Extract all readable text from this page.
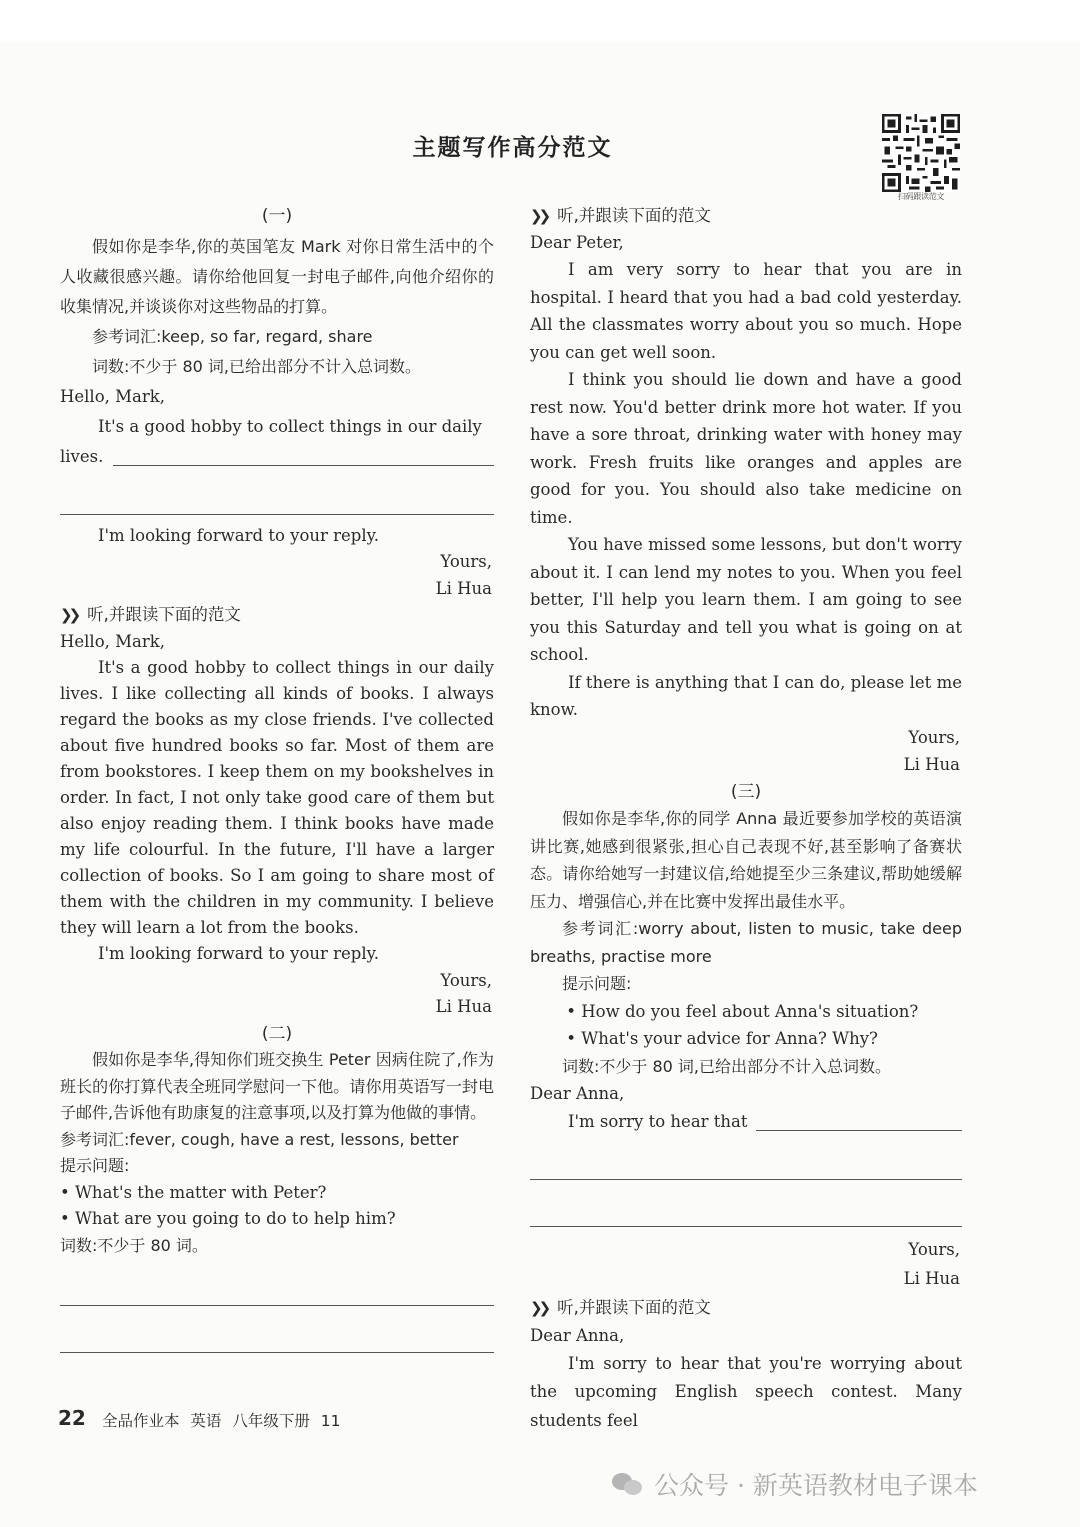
主题写作高分范文
扫码跟读范文
(一)

假如你是李华,你的英国笔友 Mark 对你日常生活中的个人收藏很感兴趣。请你给他回复一封电子邮件,向他介绍你的收集情况,并谈谈你对这些物品的打算。

参考词汇:keep, so far, regard, share

词数:不少于 80 词,已给出部分不计入总词数。

Hello, Mark,

It's a good hobby to collect things in our daily

lives.

I'm looking forward to your reply.

Yours,

Li Hua

❯❯ 听,并跟读下面的范文

Hello, Mark,

It's a good hobby to collect things in our daily lives. I like collecting all kinds of books. I always regard the books as my close friends. I've collected about five hundred books so far. Most of them are from bookstores. I keep them on my bookshelves in order. In fact, I not only take good care of them but also enjoy reading them. I think books have made my life colourful. In the future, I'll have a larger collection of books. So I am going to share most of them with the children in my community. I believe they will learn a lot from the books.

I'm looking forward to your reply.

Yours,

Li Hua

(二)

假如你是李华,得知你们班交换生 Peter 因病住院了,作为班长的你打算代表全班同学慰问一下他。请你用英语写一封电子邮件,告诉他有助康复的注意事项,以及打算为他做的事情。

参考词汇:fever, cough, have a rest, lessons, better

提示问题:

• What's the matter with Peter?

• What are you going to do to help him?

词数:不少于 80 词。

❯❯ 听,并跟读下面的范文

Dear Peter,

I am very sorry to hear that you are in hospital. I heard that you had a bad cold yesterday. All the classmates worry about you so much. Hope you can get well soon.

I think you should lie down and have a good rest now. You'd better drink more hot water. If you have a sore throat, drinking water with honey may work. Fresh fruits like oranges and apples are good for you. You should also take medicine on time.

You have missed some lessons, but don't worry about it. I can lend my notes to you. When you feel better, I'll help you learn them. I am going to see you this Saturday and tell you what is going on at school.

If there is anything that I can do, please let me know.

Yours,

Li Hua

(三)

假如你是李华,你的同学 Anna 最近要参加学校的英语演讲比赛,她感到很紧张,担心自己表现不好,甚至影响了备赛状态。请你给她写一封建议信,给她提至少三条建议,帮助她缓解压力、增强信心,并在比赛中发挥出最佳水平。

参考词汇:worry about, listen to music, take deep breaths, practise more

提示问题:

• How do you feel about Anna's situation?

• What's your advice for Anna? Why?

词数:不少于 80 词,已给出部分不计入总词数。

Dear Anna,

I'm sorry to hear that

Yours,

Li Hua

❯❯ 听,并跟读下面的范文

Dear Anna,

I'm sorry to hear that you're worrying about the upcoming English speech contest. Many students feel

22 全品作业本 英语 八年级下册 11
公众号 · 新英语教材电子课本
